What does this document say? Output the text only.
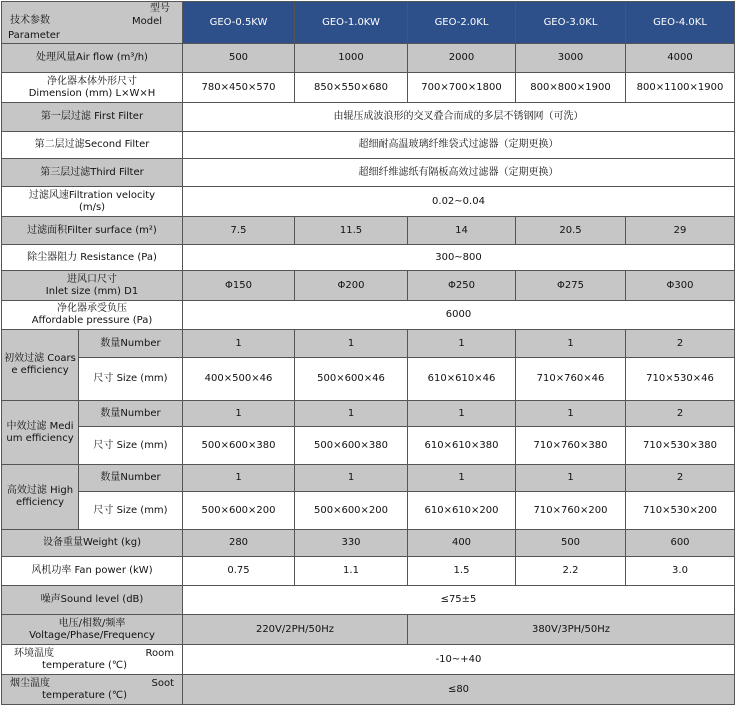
型号
技术参数 Model
Parameter		GEO-0.5KW	GEO-1.0KW	GEO-2.0KL	GEO-3.0KL	GEO-4.0KL
处理风量Air flow (m³/h)		500	1000	2000	3000	4000

净化器本体外形尺寸
Dimension (mm) L×W×H		780×450×570	850×550×680	700×700×1800	800×800×1900	800×1100×1900
第一层过滤 First Filter		由辊压成波浪形的交叉叠合而成的多层不锈钢网（可洗）				
第二层过滤Second Filter		超细耐高温玻璃纤维袋式过滤器（定期更换）				
第三层过滤Third Filter		超细纤维滤纸有隔板高效过滤器（定期更换）				

过滤风速Filtration velocity
(m/s)		0.02~0.04				
过滤面积Filter surface (m²)		7.5	11.5	14	20.5	29
除尘器阻力 Resistance (Pa)		300~800				

进风口尺寸
Inlet size (mm) D1		Φ150	Φ200	Φ250	Φ275	Φ300

净化器承受负压
Affordable pressure (Pa)		6000				
初效过滤 Coarse efficiency	数量Number	1	1	1	1	2
	尺寸 Size (mm)	400×500×46	500×600×46	610×610×46	710×760×46	710×530×46
中效过滤 Medium efficiency	数量Number	1	1	1	1	2
	尺寸 Size (mm)	500×600×380	500×600×380	610×610×380	710×760×380	710×530×380
高效过滤 High efficiency	数量Number	1	1	1	1	2
	尺寸 Size (mm)	500×600×200	500×600×200	610×610×200	710×760×200	710×530×200
设备重量Weight (kg)		280	330	400	500	600
风机功率 Fan power (kW)		0.75	1.1	1.5	2.2	3.0
噪声Sound level (dB)		≤75±5				

电压/相数/频率
Voltage/Phase/Frequency		220V/2PH/50Hz		380V/3PH/50Hz		

环境温度 Room
temperature (℃)		-10~+40				

烟尘温度 Soot
temperature (℃)		≤80				
